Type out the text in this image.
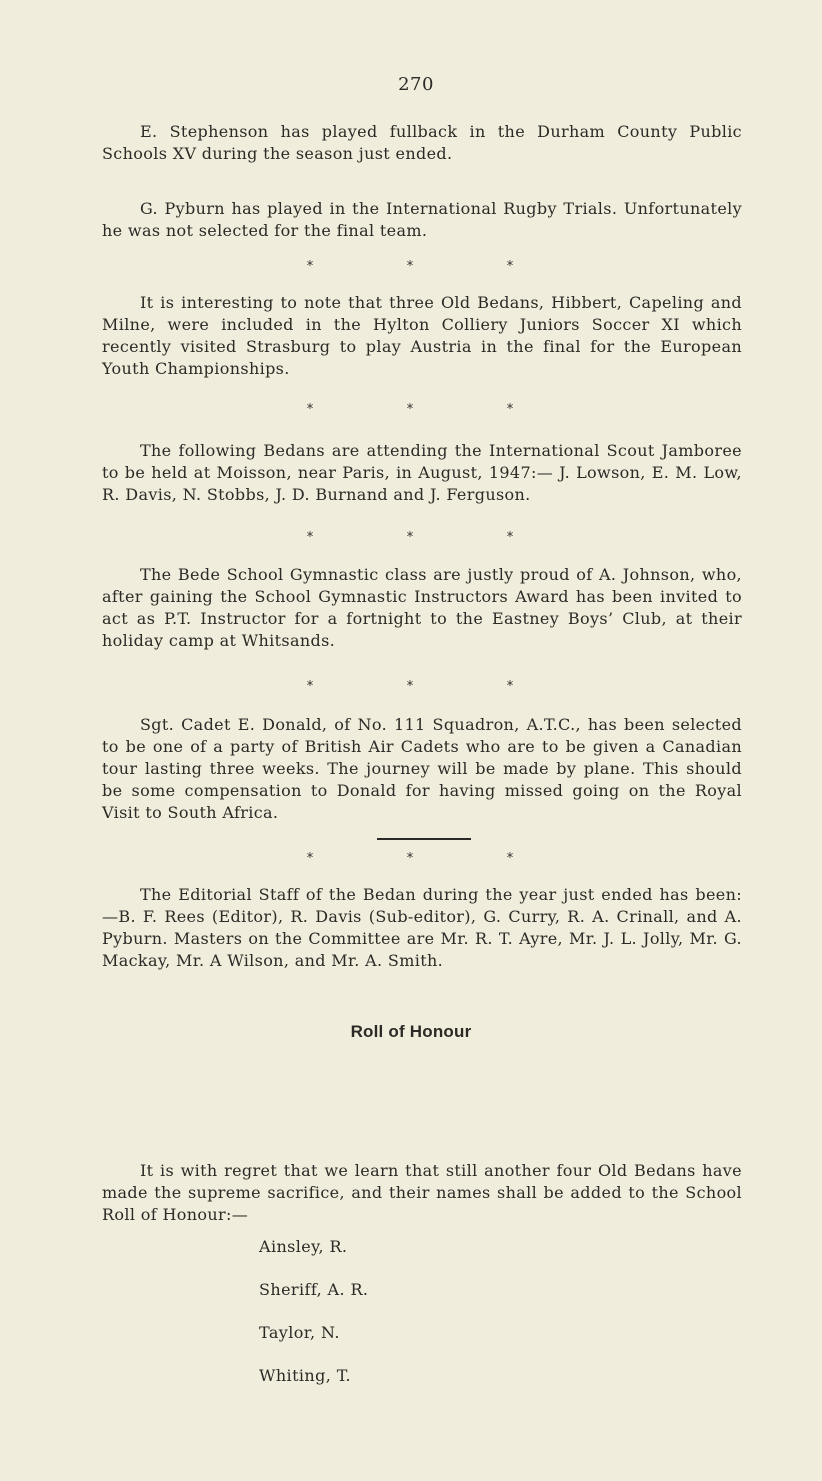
270

E. Stephenson has played fullback in the Durham County Public Schools XV during the season just ended.

G. Pyburn has played in the International Rugby Trials. Unfortunately he was not selected for the final team.

*	*	*

It is interesting to note that three Old Bedans, Hibbert, Capeling and Milne, were included in the Hylton Colliery Juniors Soccer XI which recently visited Strasburg to play Austria in the final for the European Youth Championships.

*	*	*

The following Bedans are attending the International Scout Jamboree to be held at Moisson, near Paris, in August, 1947:— J. Lowson, E. M. Low, R. Davis, N. Stobbs, J. D. Burnand and J. Ferguson.

*	*	*

The Bede School Gymnastic class are justly proud of A. Johnson, who, after gaining the School Gymnastic Instructors Award has been invited to act as P.T. Instructor for a fortnight to the Eastney Boys’ Club, at their holiday camp at Whitsands.

*	*	*

Sgt. Cadet E. Donald, of No. 111 Squadron, A.T.C., has been selected to be one of a party of British Air Cadets who are to be given a Canadian tour lasting three weeks. The journey will be made by plane. This should be some compensation to Donald for having missed going on the Royal Visit to South Africa.

*	*	*

The Editorial Staff of the Bedan during the year just ended has been:—B. F. Rees (Editor), R. Davis (Sub-editor), G. Curry, R. A. Crinall, and A. Pyburn. Masters on the Committee are Mr. R. T. Ayre, Mr. J. L. Jolly, Mr. G. Mackay, Mr. A Wilson, and Mr. A. Smith.

Roll of Honour

It is with regret that we learn that still another four Old Bedans have made the supreme sacrifice, and their names shall be added to the School Roll of Honour:—

Ainsley, R.
Sheriff, A. R.
Taylor, N.
Whiting, T.
